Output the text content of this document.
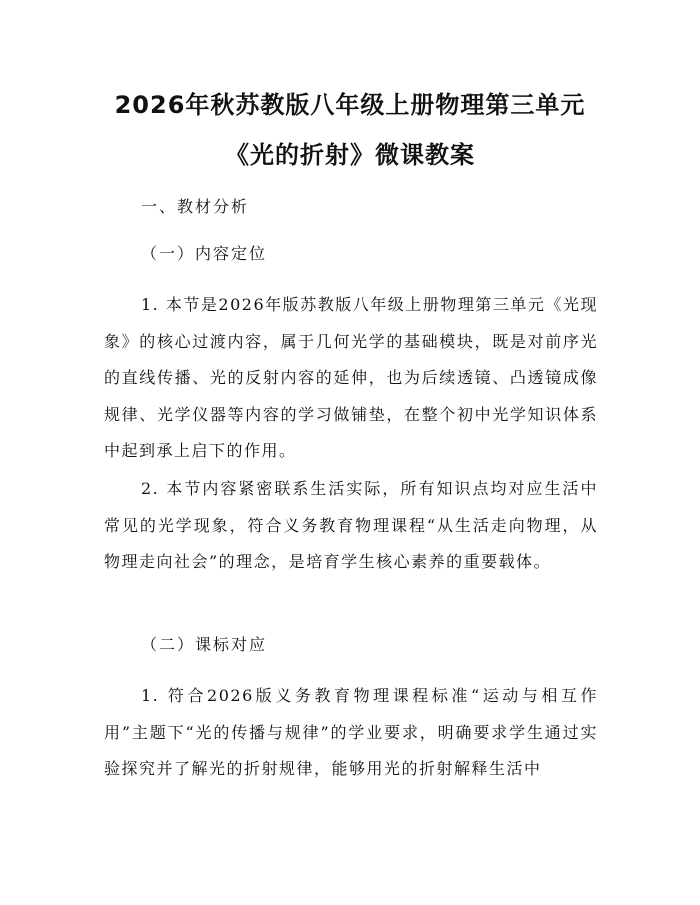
2026年秋苏教版八年级上册物理第三单元
《光的折射》微课教案
一、教材分析
（一）内容定位

1. 本节是2026年版苏教版八年级上册物理第三单元《光现象》的核心过渡内容，属于几何光学的基础模块，既是对前序光的直线传播、光的反射内容的延伸，也为后续透镜、凸透镜成像规律、光学仪器等内容的学习做铺垫，在整个初中光学知识体系中起到承上启下的作用。

2. 本节内容紧密联系生活实际，所有知识点均对应生活中常见的光学现象，符合义务教育物理课程“从生活走向物理，从物理走向社会”的理念，是培育学生核心素养的重要载体。

（二）课标对应

1. 符合2026版义务教育物理课程标准“运动与相互作用”主题下“光的传播与规律”的学业要求，明确要求学生通过实验探究并了解光的折射规律，能够用光的折射解释生活中
